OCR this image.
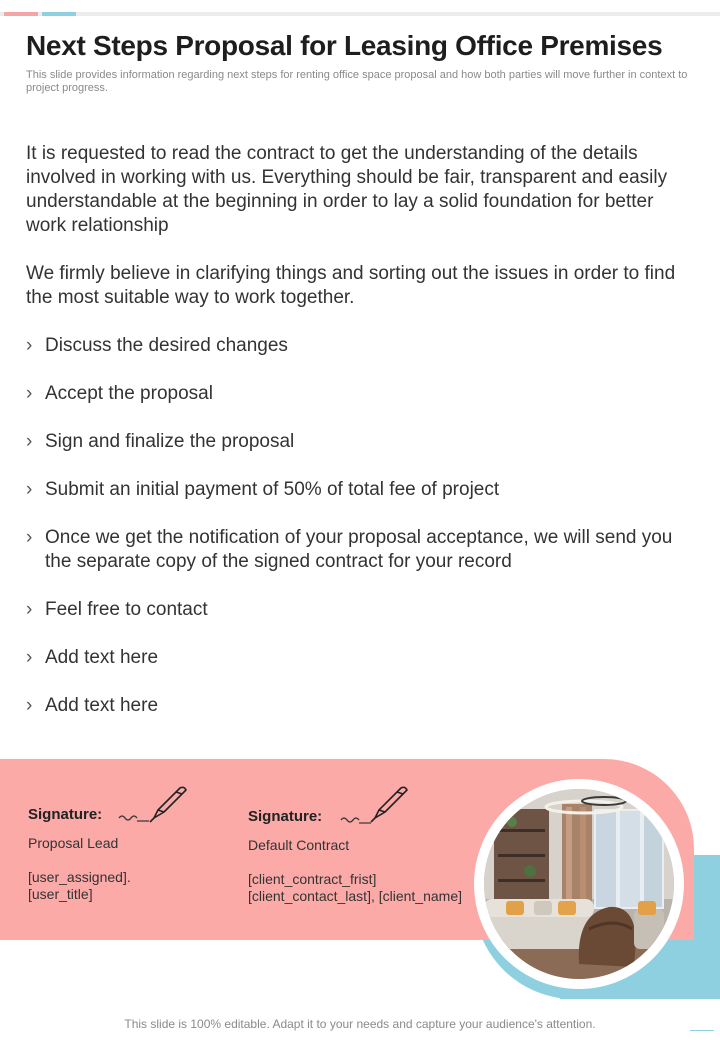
Next Steps Proposal for Leasing Office Premises

This slide provides information regarding next steps for renting office space proposal and how both parties will move further in context to project progress.

It is requested to read the contract to get the understanding of the details involved in working with us. Everything should be fair, transparent and easily understandable at the beginning in order to lay a solid foundation for better work relationship

We firmly believe in clarifying things and sorting out the issues in order to find the most suitable way to work together.

› Discuss the desired changes
› Accept the proposal
› Sign and finalize the proposal
› Submit an initial payment of 50% of total fee of project
› Once we get the notification of your proposal acceptance, we will send you the separate copy of the signed contract for your record
› Feel free to contact
› Add text here
› Add text here
Signature:
Proposal Lead
[user_assigned].
[user_title]
Signature:
Default Contract
[client_contract_frist]
[client_contact_last], [client_name]
This slide is 100% editable. Adapt it to your needs and capture your audience's attention.
